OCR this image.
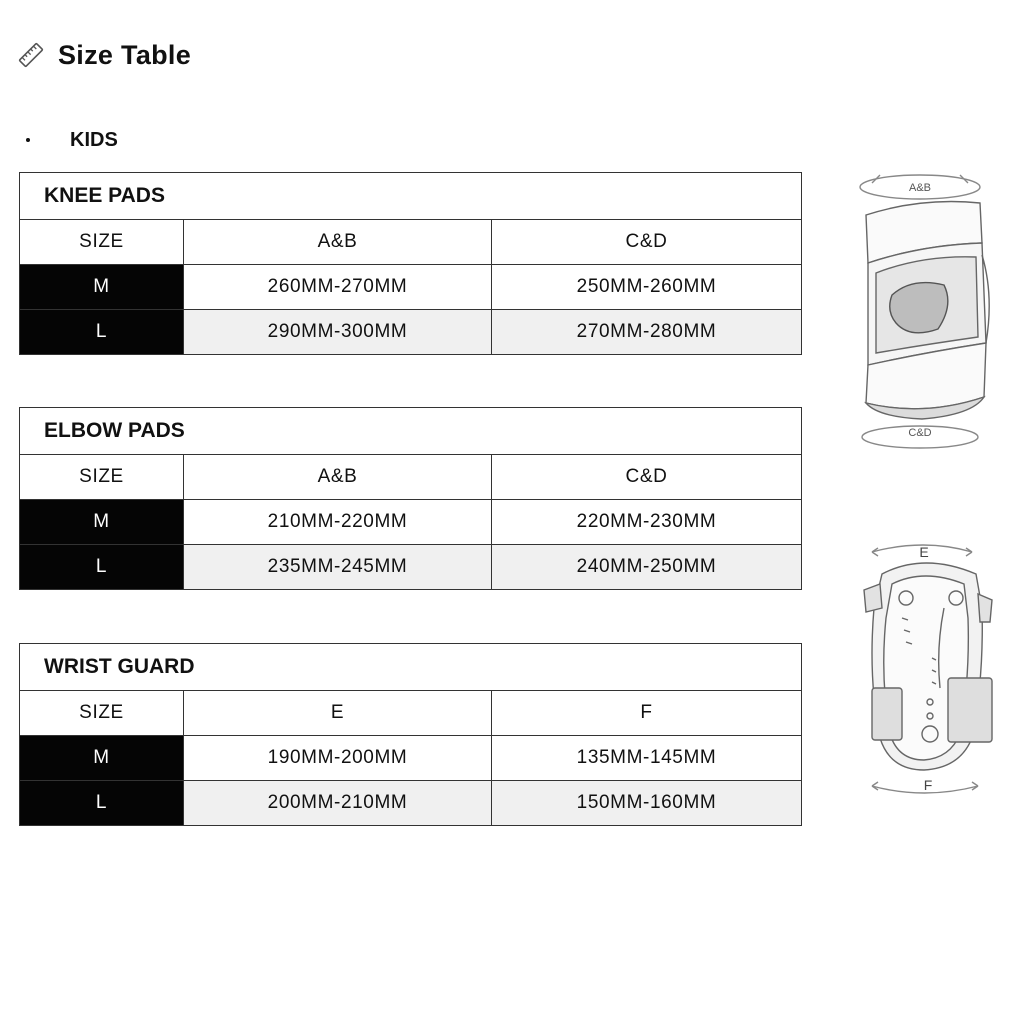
Size Table
KIDS
KNEE PADS
SIZE	A&B	C&D
M	260MM-270MM	250MM-260MM
L	290MM-300MM	270MM-280MM
ELBOW PADS
SIZE	A&B	C&D
M	210MM-220MM	220MM-230MM
L	235MM-245MM	240MM-250MM
WRIST GUARD
SIZE	E	F
M	190MM-200MM	135MM-145MM
L	200MM-210MM	150MM-160MM
A&B
C&D
E
F
